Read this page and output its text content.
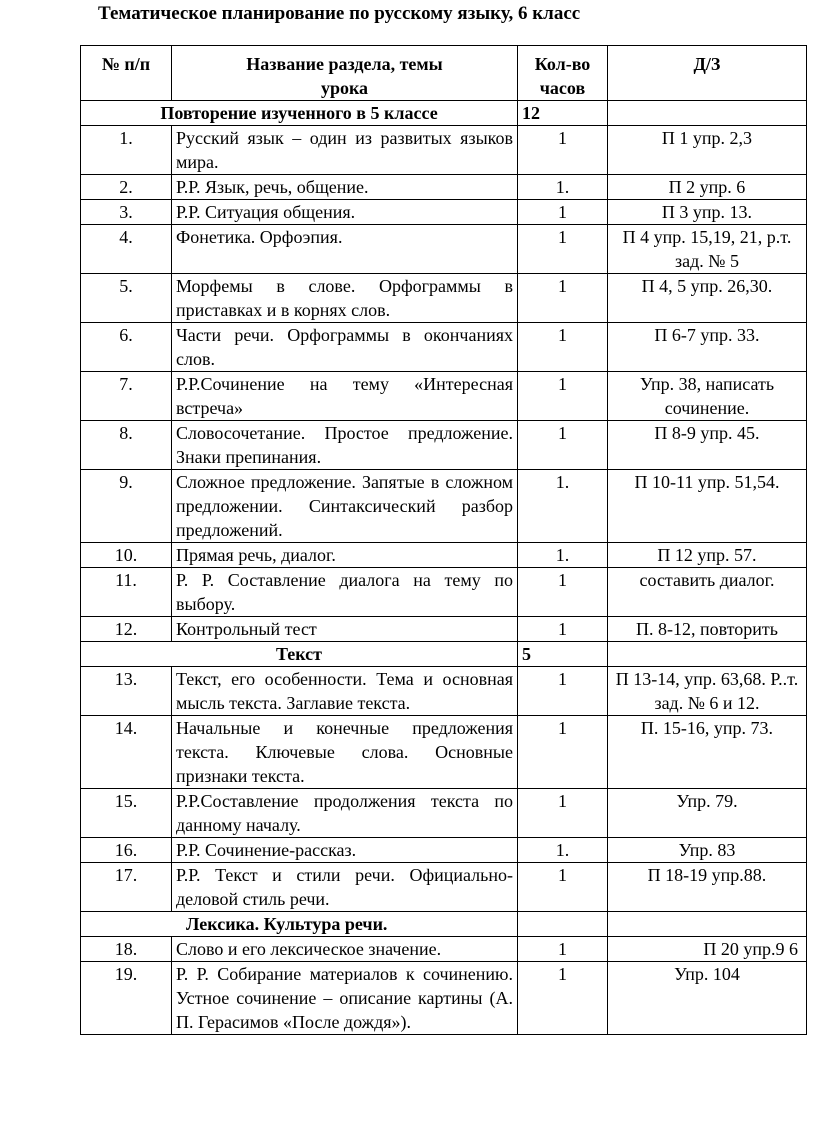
Тематическое планирование по русскому языку, 6 класс
№ п/п	Название раздела, темы урока	Кол-во часов	Д/З
Повторение изученного в 5 классе		12	
1.	Русский язык – один из развитых языков мира.	1	П 1 упр. 2,3
2.	Р.Р. Язык, речь, общение.	1.	П 2 упр. 6
3.	Р.Р. Ситуация общения.	1	П 3 упр. 13.
4.	Фонетика. Орфоэпия.	1	П 4 упр. 15,19, 21, р.т. зад. № 5
5.	Морфемы в слове. Орфограммы в приставках и в корнях слов.	1	П 4, 5 упр. 26,30.
6.	Части речи. Орфограммы в окончаниях слов.	1	П 6-7 упр. 33.
7.	Р.Р.Сочинение на тему «Интересная встреча»	1	Упр. 38, написать сочинение.
8.	Словосочетание. Простое предложение. Знаки препинания.	1	П 8-9 упр. 45.
9.	Сложное предложение. Запятые в сложном предложении. Синтаксический разбор предложений.	1.	П 10-11 упр. 51,54.
10.	Прямая речь, диалог.	1.	П 12 упр. 57.
11.	Р. Р. Составление диалога на тему по выбору.	1	составить диалог.
12.	Контрольный тест	1	П. 8-12, повторить
Текст		5	
13.	Текст, его особенности. Тема и основная мысль текста. Заглавие текста.	1	П 13-14, упр. 63,68. Р..т. зад. № 6 и 12.
14.	Начальные и конечные предложения текста. Ключевые слова. Основные признаки текста.	1	П. 15-16, упр. 73.
15.	Р.Р.Составление продолжения текста по данному началу.	1	Упр. 79.
16.	Р.Р. Сочинение-рассказ.	1.	Упр. 83
17.	Р.Р. Текст и стили речи. Официально-деловой стиль речи.	1	П 18-19 упр.88.
Лексика. Культура речи.			
18.	Слово и его лексическое значение.	1	П 20 упр.9 6
19.	Р. Р. Собирание материалов к сочинению. Устное сочинение – описание картины (А. П. Герасимов «После дождя»).	1	Упр. 104
